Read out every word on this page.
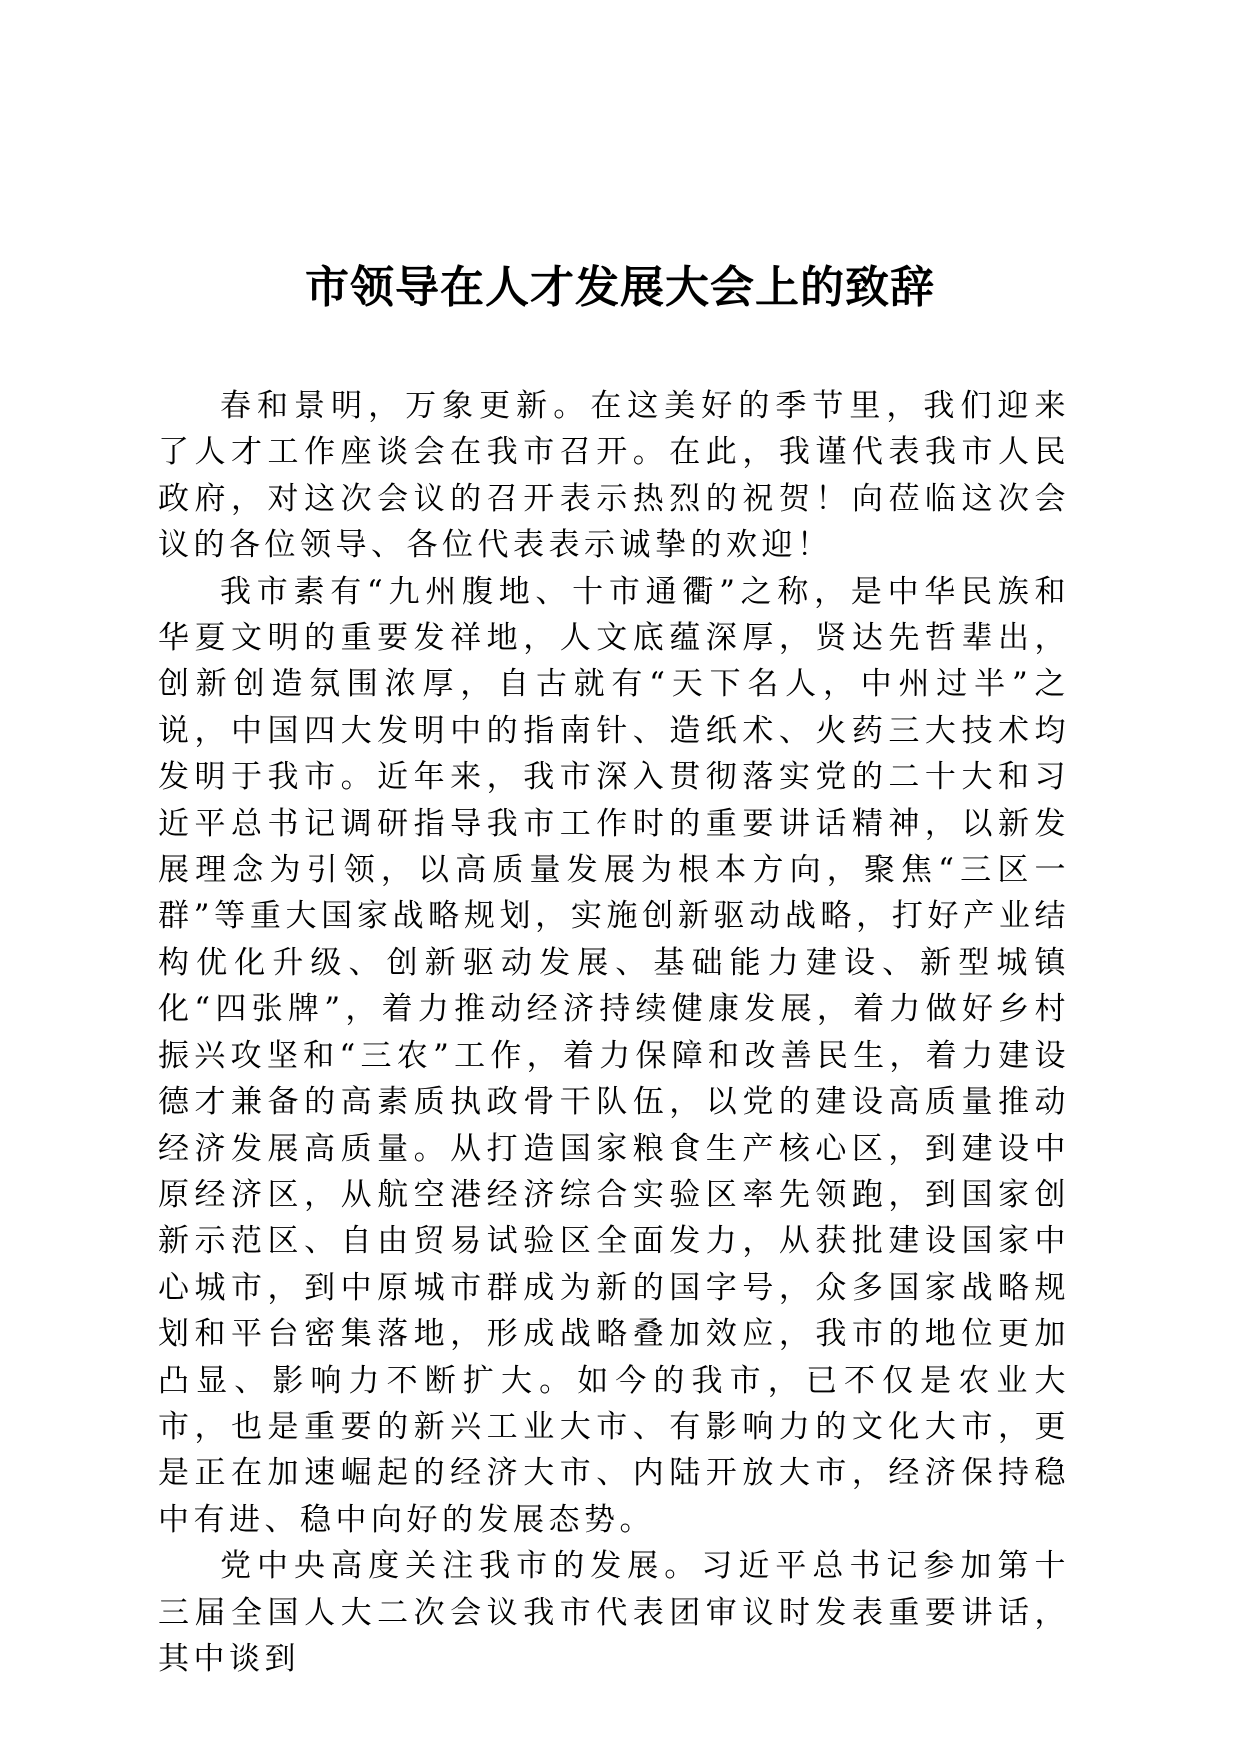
市领导在人才发展大会上的致辞

春和景明，万象更新。在这美好的季节里，我们迎来了人才工作座谈会在我市召开。在此，我谨代表我市人民政府，对这次会议的召开表示热烈的祝贺！向莅临这次会议的各位领导、各位代表表示诚挚的欢迎！

我市素有“九州腹地、十市通衢”之称，是中华民族和华夏文明的重要发祥地，人文底蕴深厚，贤达先哲辈出，创新创造氛围浓厚，自古就有“天下名人，中州过半”之说，中国四大发明中的指南针、造纸术、火药三大技术均发明于我市。近年来，我市深入贯彻落实党的二十大和习近平总书记调研指导我市工作时的重要讲话精神，以新发展理念为引领，以高质量发展为根本方向，聚焦“三区一群”等重大国家战略规划，实施创新驱动战略，打好产业结构优化升级、创新驱动发展、基础能力建设、新型城镇化“四张牌”，着力推动经济持续健康发展，着力做好乡村振兴攻坚和“三农”工作，着力保障和改善民生，着力建设德才兼备的高素质执政骨干队伍，以党的建设高质量推动经济发展高质量。从打造国家粮食生产核心区，到建设中原经济区，从航空港经济综合实验区率先领跑，到国家创新示范区、自由贸易试验区全面发力，从获批建设国家中心城市，到中原城市群成为新的国字号，众多国家战略规划和平台密集落地，形成战略叠加效应，我市的地位更加凸显、影响力不断扩大。如今的我市，已不仅是农业大市，也是重要的新兴工业大市、有影响力的文化大市，更是正在加速崛起的经济大市、内陆开放大市，经济保持稳中有进、稳中向好的发展态势。

党中央高度关注我市的发展。习近平总书记参加第十三届全国人大二次会议我市代表团审议时发表重要讲话，其中谈到
